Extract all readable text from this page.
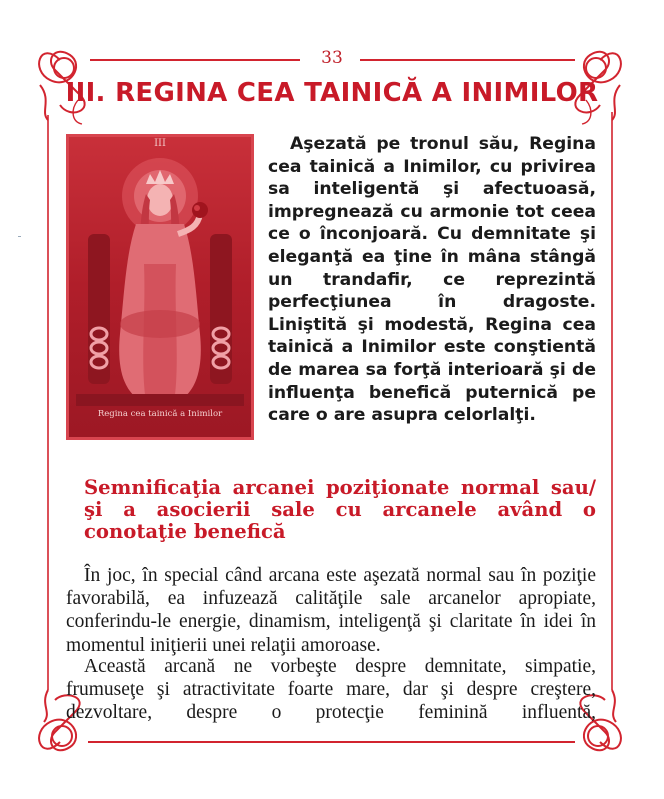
33
III. REGINA CEA TAINICĂ A INIMILOR
III
Regina cea tainică a Inimilor

Aşezată pe tronul său, Regina cea tainică a Inimilor, cu privirea sa inteligentă şi afectuoasă, impregnează cu armonie tot ceea ce o înconjoară. Cu demnitate şi eleganţă ea ţine în mâna stângă un trandafir, ce reprezintă perfecţiunea în dragoste. Liniştită şi modestă, Regina cea tainică a Inimilor este conştientă de marea sa forţă interioară şi de influenţa benefică puternică pe care o are asupra celorlalţi.

Semnificaţia arcanei poziţionate normal sau/ şi a asocierii sale cu arcanele având o conotaţie benefică

În joc, în special când arcana este aşezată normal sau în poziţie favorabilă, ea infuzează calităţile sale arcanelor apropiate, conferindu-le energie, dinamism, inteligenţă şi claritate în idei în momentul iniţierii unei relaţii amoroase.

Această arcană ne vorbeşte despre demnitate, simpatie, frumuseţe şi atractivitate foarte mare, dar şi despre creştere, dezvoltare, despre o protecţie feminină influentă,
